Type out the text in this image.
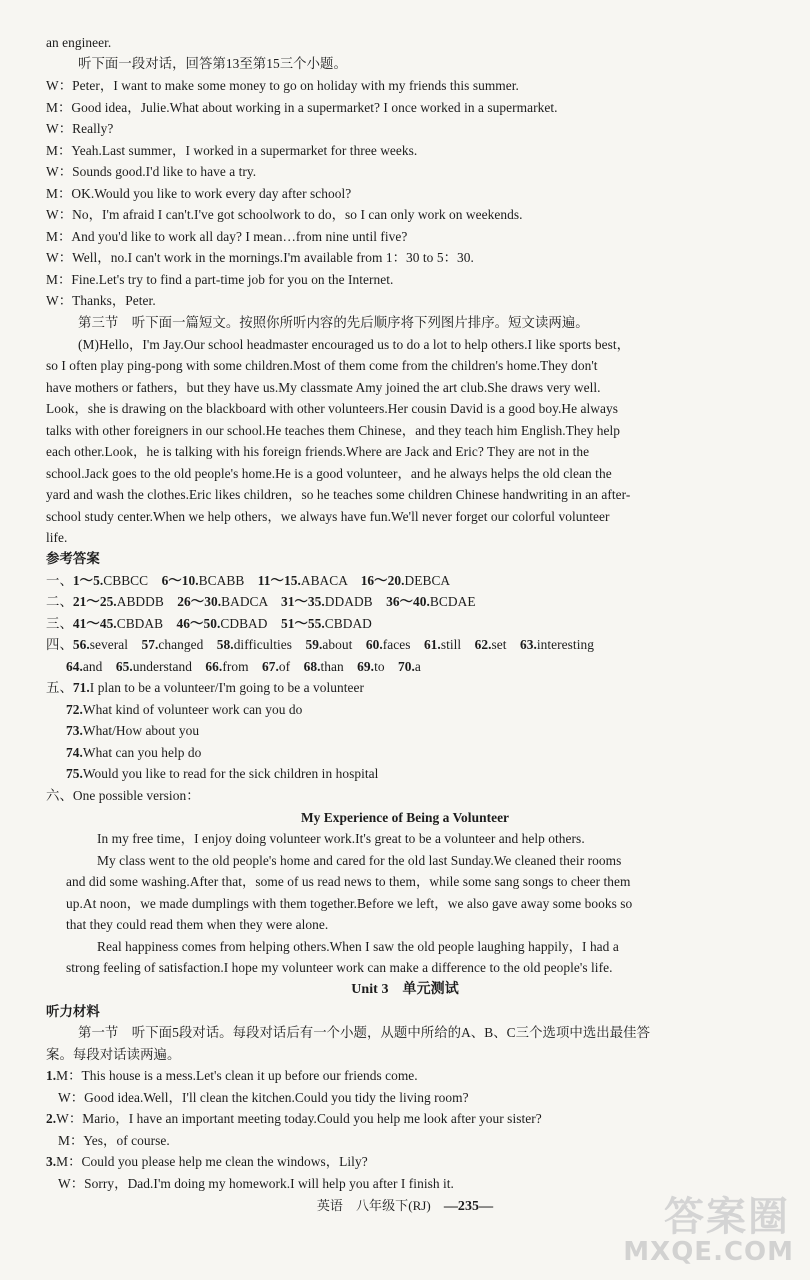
an engineer.
听下面一段对话，回答第13至第15三个小题。
W：Peter，I want to make some money to go on holiday with my friends this summer.
M：Good idea，Julie.What about working in a supermarket? I once worked in a supermarket.
W：Really?
M：Yeah.Last summer，I worked in a supermarket for three weeks.
W：Sounds good.I'd like to have a try.
M：OK.Would you like to work every day after school?
W：No，I'm afraid I can't.I've got schoolwork to do，so I can only work on weekends.
M：And you'd like to work all day? I mean…from nine until five?
W：Well，no.I can't work in the mornings.I'm available from 1：30 to 5：30.
M：Fine.Let's try to find a part-time job for you on the Internet.
W：Thanks，Peter.
第三节　听下面一篇短文。按照你所听内容的先后顺序将下列图片排序。短文读两遍。
(M)Hello，I'm Jay.Our school headmaster encouraged us to do a lot to help others.I like sports best，
so I often play ping-pong with some children.Most of them come from the children's home.They don't
have mothers or fathers，but they have us.My classmate Amy joined the art club.She draws very well.
Look，she is drawing on the blackboard with other volunteers.Her cousin David is a good boy.He always
talks with other foreigners in our school.He teaches them Chinese，and they teach him English.They help
each other.Look，he is talking with his foreign friends.Where are Jack and Eric? They are not in the
school.Jack goes to the old people's home.He is a good volunteer，and he always helps the old clean the
yard and wash the clothes.Eric likes children，so he teaches some children Chinese handwriting in an after-
school study center.When we help others，we always have fun.We'll never forget our colorful volunteer
life.
参考答案
一、1～5.CBBCC　6～10.BCABB　11～15.ABACA　16～20.DEBCA
二、21～25.ABDDB　26～30.BADCA　31～35.DDADB　36～40.BCDAE
三、41～45.CBDAB　46～50.CDBAD　51～55.CBDAD
四、56.several　57.changed　58.difficulties　59.about　60.faces　61.still　62.set　63.interesting
64.and　65.understand　66.from　67.of　68.than　69.to　70.a
五、71.I plan to be a volunteer/I'm going to be a volunteer
72.What kind of volunteer work can you do
73.What/How about you
74.What can you help do
75.Would you like to read for the sick children in hospital
六、One possible version：
My Experience of Being a Volunteer
In my free time，I enjoy doing volunteer work.It's great to be a volunteer and help others.
My class went to the old people's home and cared for the old last Sunday.We cleaned their rooms
and did some washing.After that，some of us read news to them，while some sang songs to cheer them
up.At noon，we made dumplings with them together.Before we left，we also gave away some books so
that they could read them when they were alone.
Real happiness comes from helping others.When I saw the old people laughing happily，I had a
strong feeling of satisfaction.I hope my volunteer work can make a difference to the old people's life.
Unit 3　单元测试
听力材料
第一节　听下面5段对话。每段对话后有一个小题，从题中所给的A、B、C三个选项中选出最佳答
案。每段对话读两遍。
1.M：This house is a mess.Let's clean it up before our friends come.
W：Good idea.Well，I'll clean the kitchen.Could you tidy the living room?
2.W：Mario，I have an important meeting today.Could you help me look after your sister?
M：Yes，of course.
3.M：Could you please help me clean the windows，Lily?
W：Sorry，Dad.I'm doing my homework.I will help you after I finish it.
英语　八年级下(RJ)　 —235—	答案圈
MXQE.COM
